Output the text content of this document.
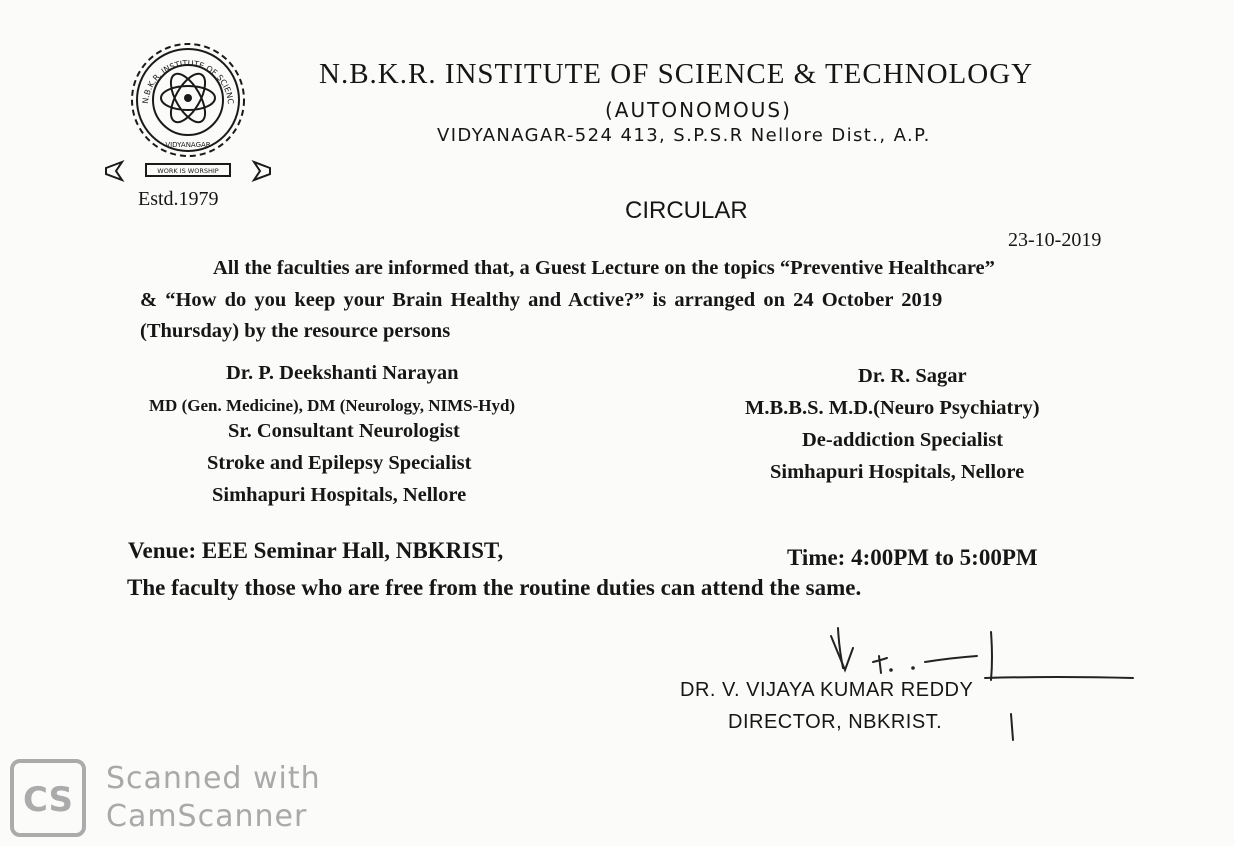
N.B.K.R. INSTITUTE OF SCIENC
VIDYANAGAR
WORK IS WORSHIP
Estd.1979
N.B.K.R. INSTITUTE OF SCIENCE & TECHNOLOGY
(AUTONOMOUS)
VIDYANAGAR-524 413, S.P.S.R Nellore Dist., A.P.
CIRCULAR
23-10-2019
All the faculties are informed that, a Guest Lecture on the topics “Preventive Healthcare”
& “How do you keep your Brain Healthy and Active?” is arranged on 24 October 2019
(Thursday) by the resource persons
Dr. P. Deekshanti Narayan
MD (Gen. Medicine), DM (Neurology, NIMS-Hyd)
Sr. Consultant Neurologist
Stroke and Epilepsy Specialist
Simhapuri Hospitals, Nellore
Dr. R. Sagar
M.B.B.S. M.D.(Neuro Psychiatry)
De-addiction Specialist
Simhapuri Hospitals, Nellore
Venue: EEE Seminar Hall, NBKRIST,	Time: 4:00PM to 5:00PM
The faculty those who are free from the routine duties can attend the same.
DR. V. VIJAYA KUMAR REDDY
DIRECTOR, NBKRIST.
CS
Scanned with
CamScanner
